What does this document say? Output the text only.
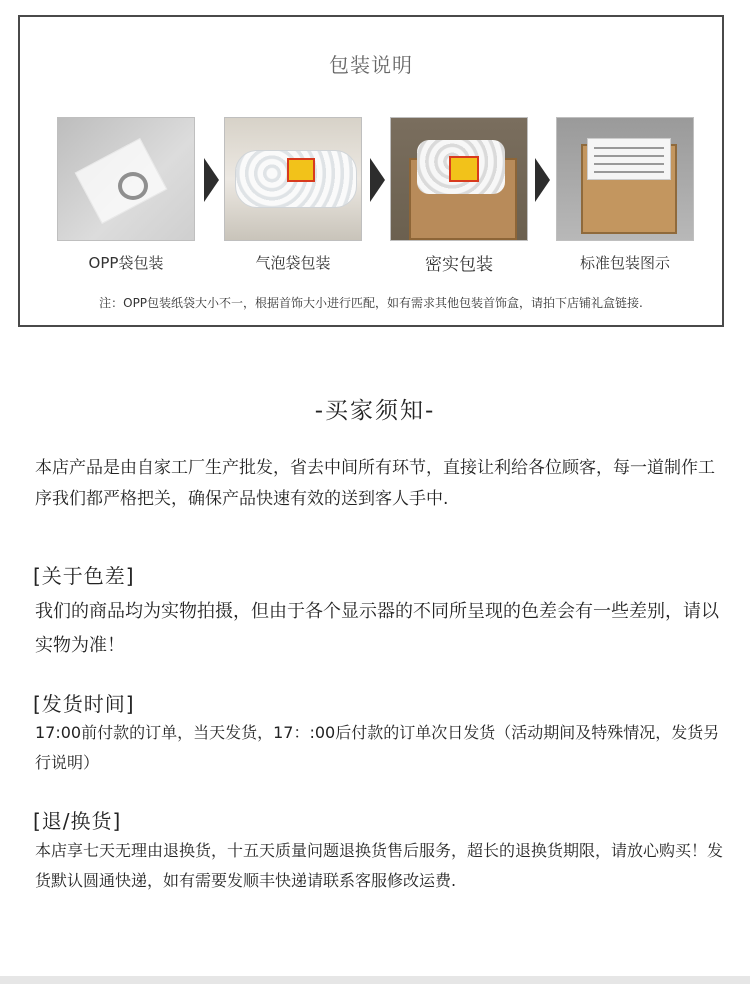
包装说明
OPP袋包装	气泡袋包装	密实包装	标准包装图示
注：OPP包装纸袋大小不一，根据首饰大小进行匹配，如有需求其他包装首饰盒，请拍下店铺礼盒链接.
-买家须知-

本店产品是由自家工厂生产批发，省去中间所有环节，直接让利给各位顾客，每一道制作工序我们都严格把关，确保产品快速有效的送到客人手中.

[关于色差]

我们的商品均为实物拍摄，但由于各个显示器的不同所呈现的色差会有一些差别，请以实物为准！

[发货时间]

17:00前付款的订单，当天发货，17：:00后付款的订单次日发货（活动期间及特殊情况，发货另行说明）

[退/换货]

本店享七天无理由退换货，十五天质量问题退换货售后服务，超长的退换货期限，请放心购买！发货默认圆通快递，如有需要发顺丰快递请联系客服修改运费.
